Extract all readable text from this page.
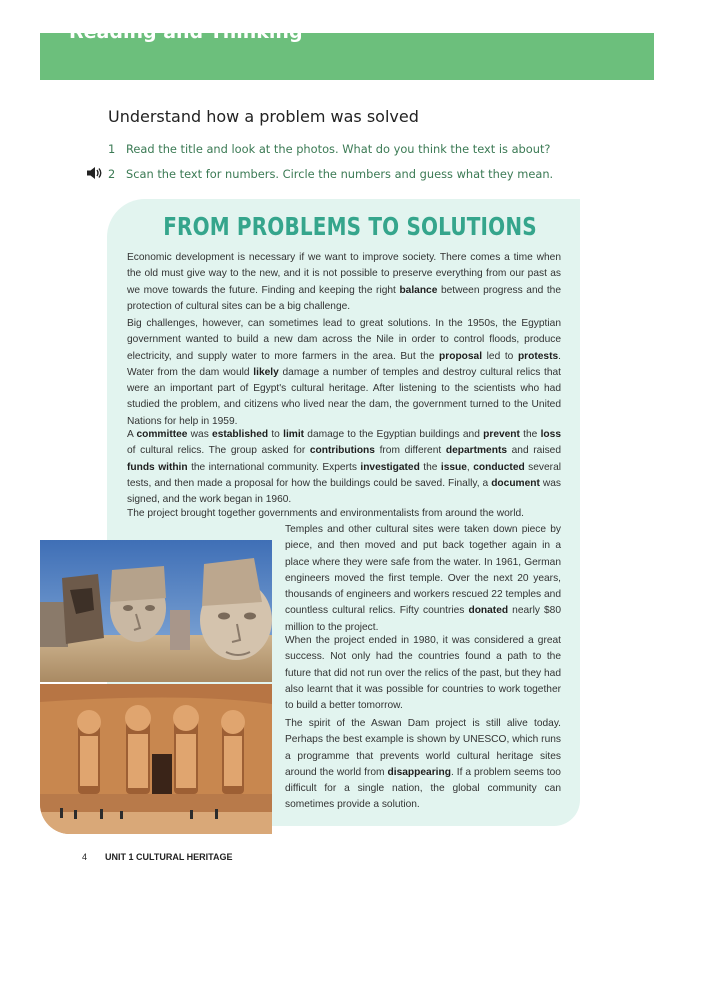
Reading and Thinking
Understand how a problem was solved
1 Read the title and look at the photos. What do you think the text is about?
2 Scan the text for numbers. Circle the numbers and guess what they mean.
FROM PROBLEMS TO SOLUTIONS

Economic development is necessary if we want to improve society. There comes a time when the old must give way to the new, and it is not possible to preserve everything from our past as we move towards the future. Finding and keeping the right balance between progress and the protection of cultural sites can be a big challenge.

Big challenges, however, can sometimes lead to great solutions. In the 1950s, the Egyptian government wanted to build a new dam across the Nile in order to control floods, produce electricity, and supply water to more farmers in the area. But the proposal led to protests. Water from the dam would likely damage a number of temples and destroy cultural relics that were an important part of Egypt's cultural heritage. After listening to the scientists who had studied the problem, and citizens who lived near the dam, the government turned to the United Nations for help in 1959.

A committee was established to limit damage to the Egyptian buildings and prevent the loss of cultural relics. The group asked for contributions from different departments and raised funds within the international community. Experts investigated the issue, conducted several tests, and then made a proposal for how the buildings could be saved. Finally, a document was signed, and the work began in 1960.

The project brought together governments and environmentalists from around the world.

Temples and other cultural sites were taken down piece by piece, and then moved and put back together again in a place where they were safe from the water. In 1961, German engineers moved the first temple. Over the next 20 years, thousands of engineers and workers rescued 22 temples and countless cultural relics. Fifty countries donated nearly $80 million to the project.

When the project ended in 1980, it was considered a great success. Not only had the countries found a path to the future that did not run over the relics of the past, but they had also learnt that it was possible for countries to work together to build a better tomorrow.

The spirit of the Aswan Dam project is still alive today. Perhaps the best example is shown by UNESCO, which runs a programme that prevents world cultural heritage sites around the world from disappearing. If a problem seems too difficult for a single nation, the global community can sometimes provide a solution.

4 UNIT 1 CULTURAL HERITAGE
